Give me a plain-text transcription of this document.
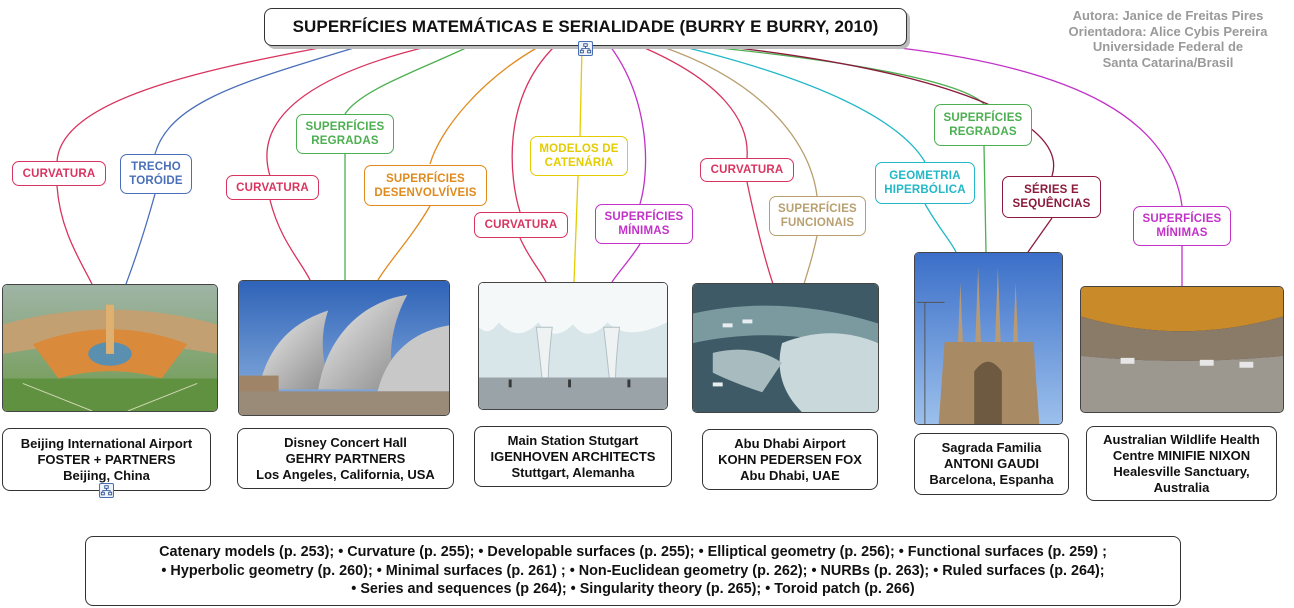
SUPERFÍCIES MATEMÁTICAS E SERIALIDADE (BURRY E BURRY, 2010)
Autora: Janice de Freitas Pires
Orientadora: Alice Cybis Pereira
Universidade Federal de
Santa Catarina/Brasil
CURVATURA
TRECHO
TORÓIDE
CURVATURA
SUPERFÍCIES
REGRADAS
SUPERFÍCIES
DESENVOLVÍVEIS
MODELOS DE
CATENÁRIA
CURVATURA
SUPERFÍCIES
MÍNIMAS
CURVATURA
SUPERFÍCIES
FUNCIONAIS
GEOMETRIA
HIPERBÓLICA
SUPERFÍCIES
REGRADAS
SÉRIES E
SEQUÊNCIAS
SUPERFÍCIES
MÍNIMAS
Beijing International Airport
FOSTER + PARTNERS
Beijing, China
Disney Concert Hall
GEHRY PARTNERS
Los Angeles, California, USA
Main Station Stutgart
IGENHOVEN ARCHITECTS
Stuttgart, Alemanha
Abu Dhabi Airport
KOHN PEDERSEN FOX
Abu Dhabi, UAE
Sagrada Familia
ANTONI GAUDI
Barcelona, Espanha
Australian Wildlife Health
Centre MINIFIE NIXON
Healesville Sanctuary,
Australia
Catenary models (p. 253); • Curvature (p. 255); • Developable surfaces (p. 255); • Elliptical geometry (p. 256); • Functional surfaces (p. 259) ;
• Hyperbolic geometry (p. 260); • Minimal surfaces (p. 261) ; • Non-Euclidean geometry (p. 262); • NURBs (p. 263); • Ruled surfaces (p. 264);
• Series and sequences (p 264); • Singularity theory (p. 265); • Toroid patch (p. 266)
